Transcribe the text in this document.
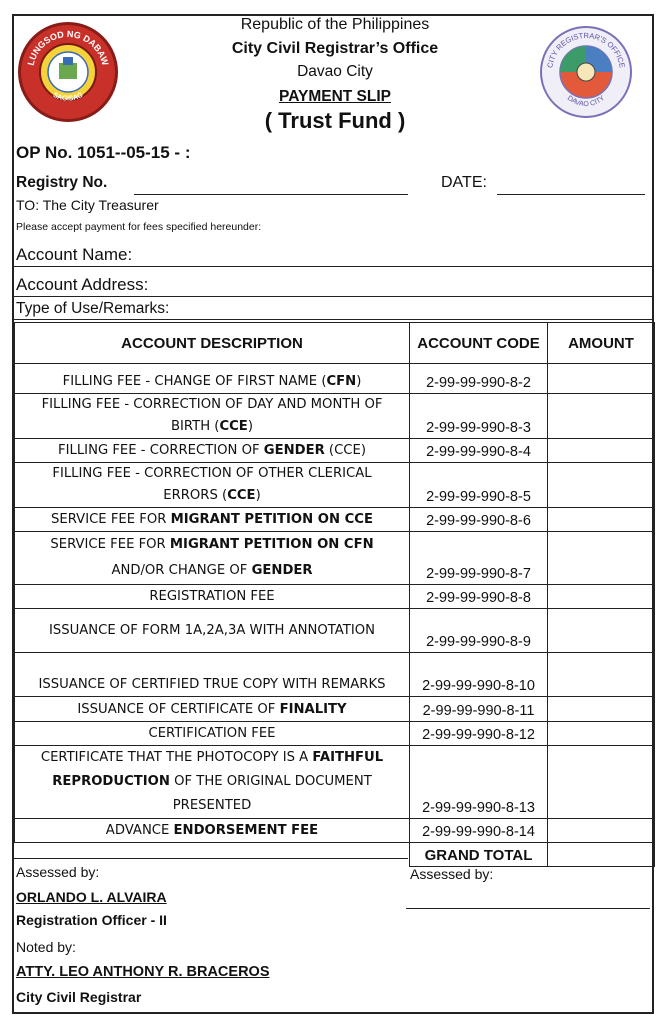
LUNGSOD NG DABAW
SAGISAG
CITY REGISTRAR'S OFFICE
DAVAO CITY
Republic of the Philippines
City Civil Registrar’s Office
Davao City
PAYMENT SLIP
( Trust Fund )
OP No. 1051--05-15 - :
Registry No.	DATE:
TO: The City Treasurer
Please accept payment for fees specified hereunder:
Account Name:
Account Address:
Type of Use/Remarks:
ACCOUNT DESCRIPTION	ACCOUNT CODE	AMOUNT
FILLING FEE - CHANGE OF FIRST NAME (CFN)	2-99-99-990-8-2	
FILLING FEE - CORRECTION OF DAY AND MONTH OF
BIRTH (CCE)	2-99-99-990-8-3	
FILLING FEE - CORRECTION OF GENDER (CCE)	2-99-99-990-8-4	
FILLING FEE - CORRECTION OF OTHER CLERICAL
ERRORS (CCE)	2-99-99-990-8-5	
SERVICE FEE FOR MIGRANT PETITION ON CCE	2-99-99-990-8-6	
SERVICE FEE FOR MIGRANT PETITION ON CFN
AND/OR CHANGE OF GENDER	2-99-99-990-8-7	
REGISTRATION FEE	2-99-99-990-8-8	
ISSUANCE OF FORM 1A,2A,3A WITH ANNOTATION	2-99-99-990-8-9	
ISSUANCE OF CERTIFIED TRUE COPY WITH REMARKS	2-99-99-990-8-10	
ISSUANCE OF CERTIFICATE OF FINALITY	2-99-99-990-8-11	
CERTIFICATION FEE	2-99-99-990-8-12	
CERTIFICATE THAT THE PHOTOCOPY IS A FAITHFUL
REPRODUCTION OF THE ORIGINAL DOCUMENT
PRESENTED	2-99-99-990-8-13	
ADVANCE ENDORSEMENT FEE	2-99-99-990-8-14	
	GRAND TOTAL	
Assessed by:	Assessed by:
ORLANDO L. ALVAIRA
Registration Officer - II
Noted by:
ATTY. LEO ANTHONY R. BRACEROS
City Civil Registrar
